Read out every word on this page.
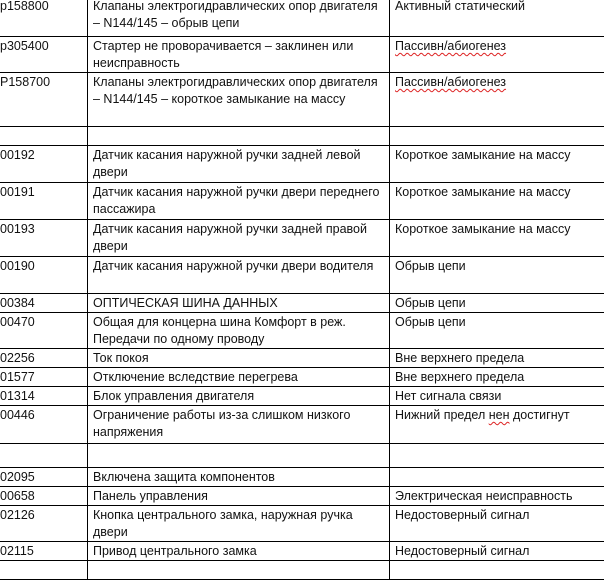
p158800	Клапаны электрогидравлических опор двигателя – N144/145 – обрыв цепи	Активный статический
p305400	Стартер не проворачивается – заклинен или неисправность	Пассивн/абиогенез
P158700	Клапаны электрогидравлических опор двигателя – N144/145 – короткое замыкание на массу	Пассивн/абиогенез

00192	Датчик касания наружной ручки задней левой двери	Короткое замыкание на массу
00191	Датчик касания наружной ручки двери переднего пассажира	Короткое замыкание на массу
00193	Датчик касания наружной ручки задней правой двери	Короткое замыкание на массу
00190	Датчик касания наружной ручки двери водителя	Обрыв цепи
00384	ОПТИЧЕСКАЯ ШИНА ДАННЫХ	Обрыв цепи
00470	Общая для концерна шина Комфорт в реж. Передачи по одному проводу	Обрыв цепи
02256	Ток покоя	Вне верхнего предела
01577	Отключение вследствие перегрева	Вне верхнего предела
01314	Блок управления двигателя	Нет сигнала связи
00446	Ограничение работы из-за слишком низкого напряжения	Нижний предел нен достигнут

02095	Включена защита компонентов	
00658	Панель управления	Электрическая неисправность
02126	Кнопка центрального замка, наружная ручка двери	Недостоверный сигнал
02115	Привод центрального замка	Недостоверный сигнал
